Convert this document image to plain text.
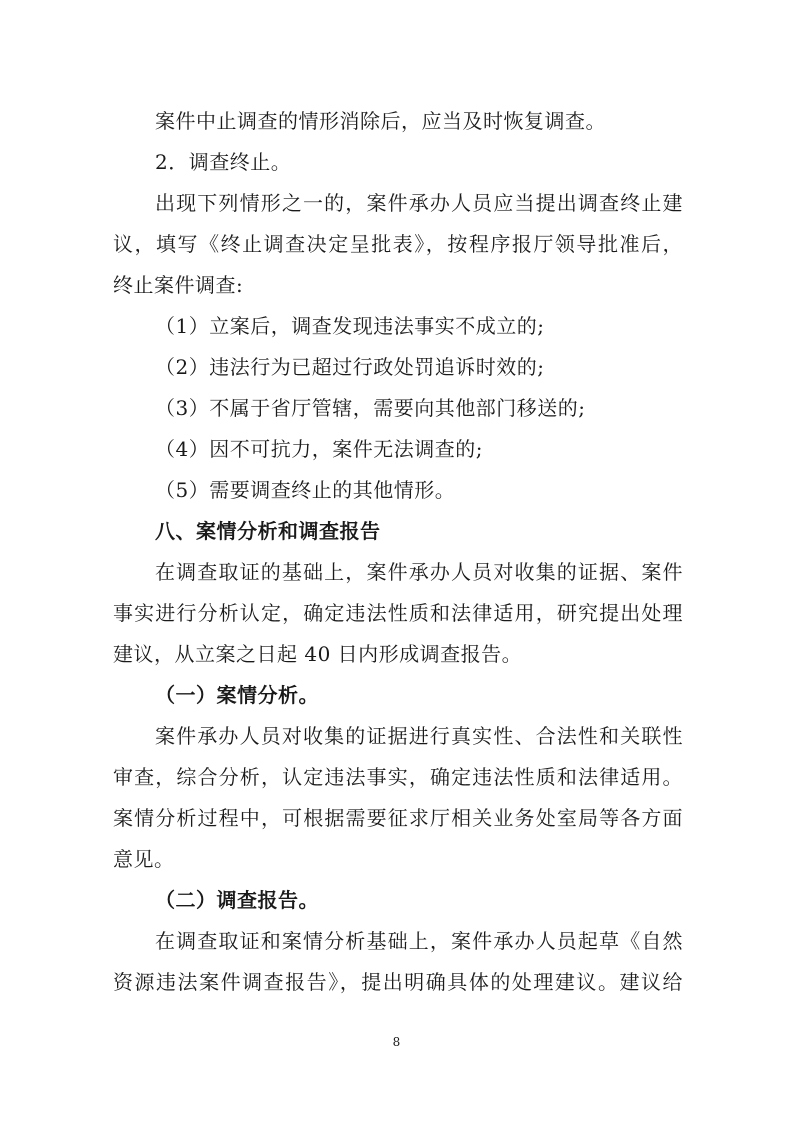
案件中止调查的情形消除后，应当及时恢复调查。
2．调查终止。
出现下列情形之一的，案件承办人员应当提出调查终止建
议，填写《终止调查决定呈批表》，按程序报厅领导批准后，
终止案件调查:
（1）立案后，调查发现违法事实不成立的;
（2）违法行为已超过行政处罚追诉时效的;
（3）不属于省厅管辖，需要向其他部门移送的;
（4）因不可抗力，案件无法调查的;
（5）需要调查终止的其他情形。
八、案情分析和调查报告
在调查取证的基础上，案件承办人员对收集的证据、案件
事实进行分析认定，确定违法性质和法律适用，研究提出处理
建议，从立案之日起 40 日内形成调查报告。
（一）案情分析。
案件承办人员对收集的证据进行真实性、合法性和关联性
审查，综合分析，认定违法事实，确定违法性质和法律适用。
案情分析过程中，可根据需要征求厅相关业务处室局等各方面
意见。
（二）调查报告。
在调查取证和案情分析基础上，案件承办人员起草《自然
资源违法案件调查报告》，提出明确具体的处理建议。建议给
8
